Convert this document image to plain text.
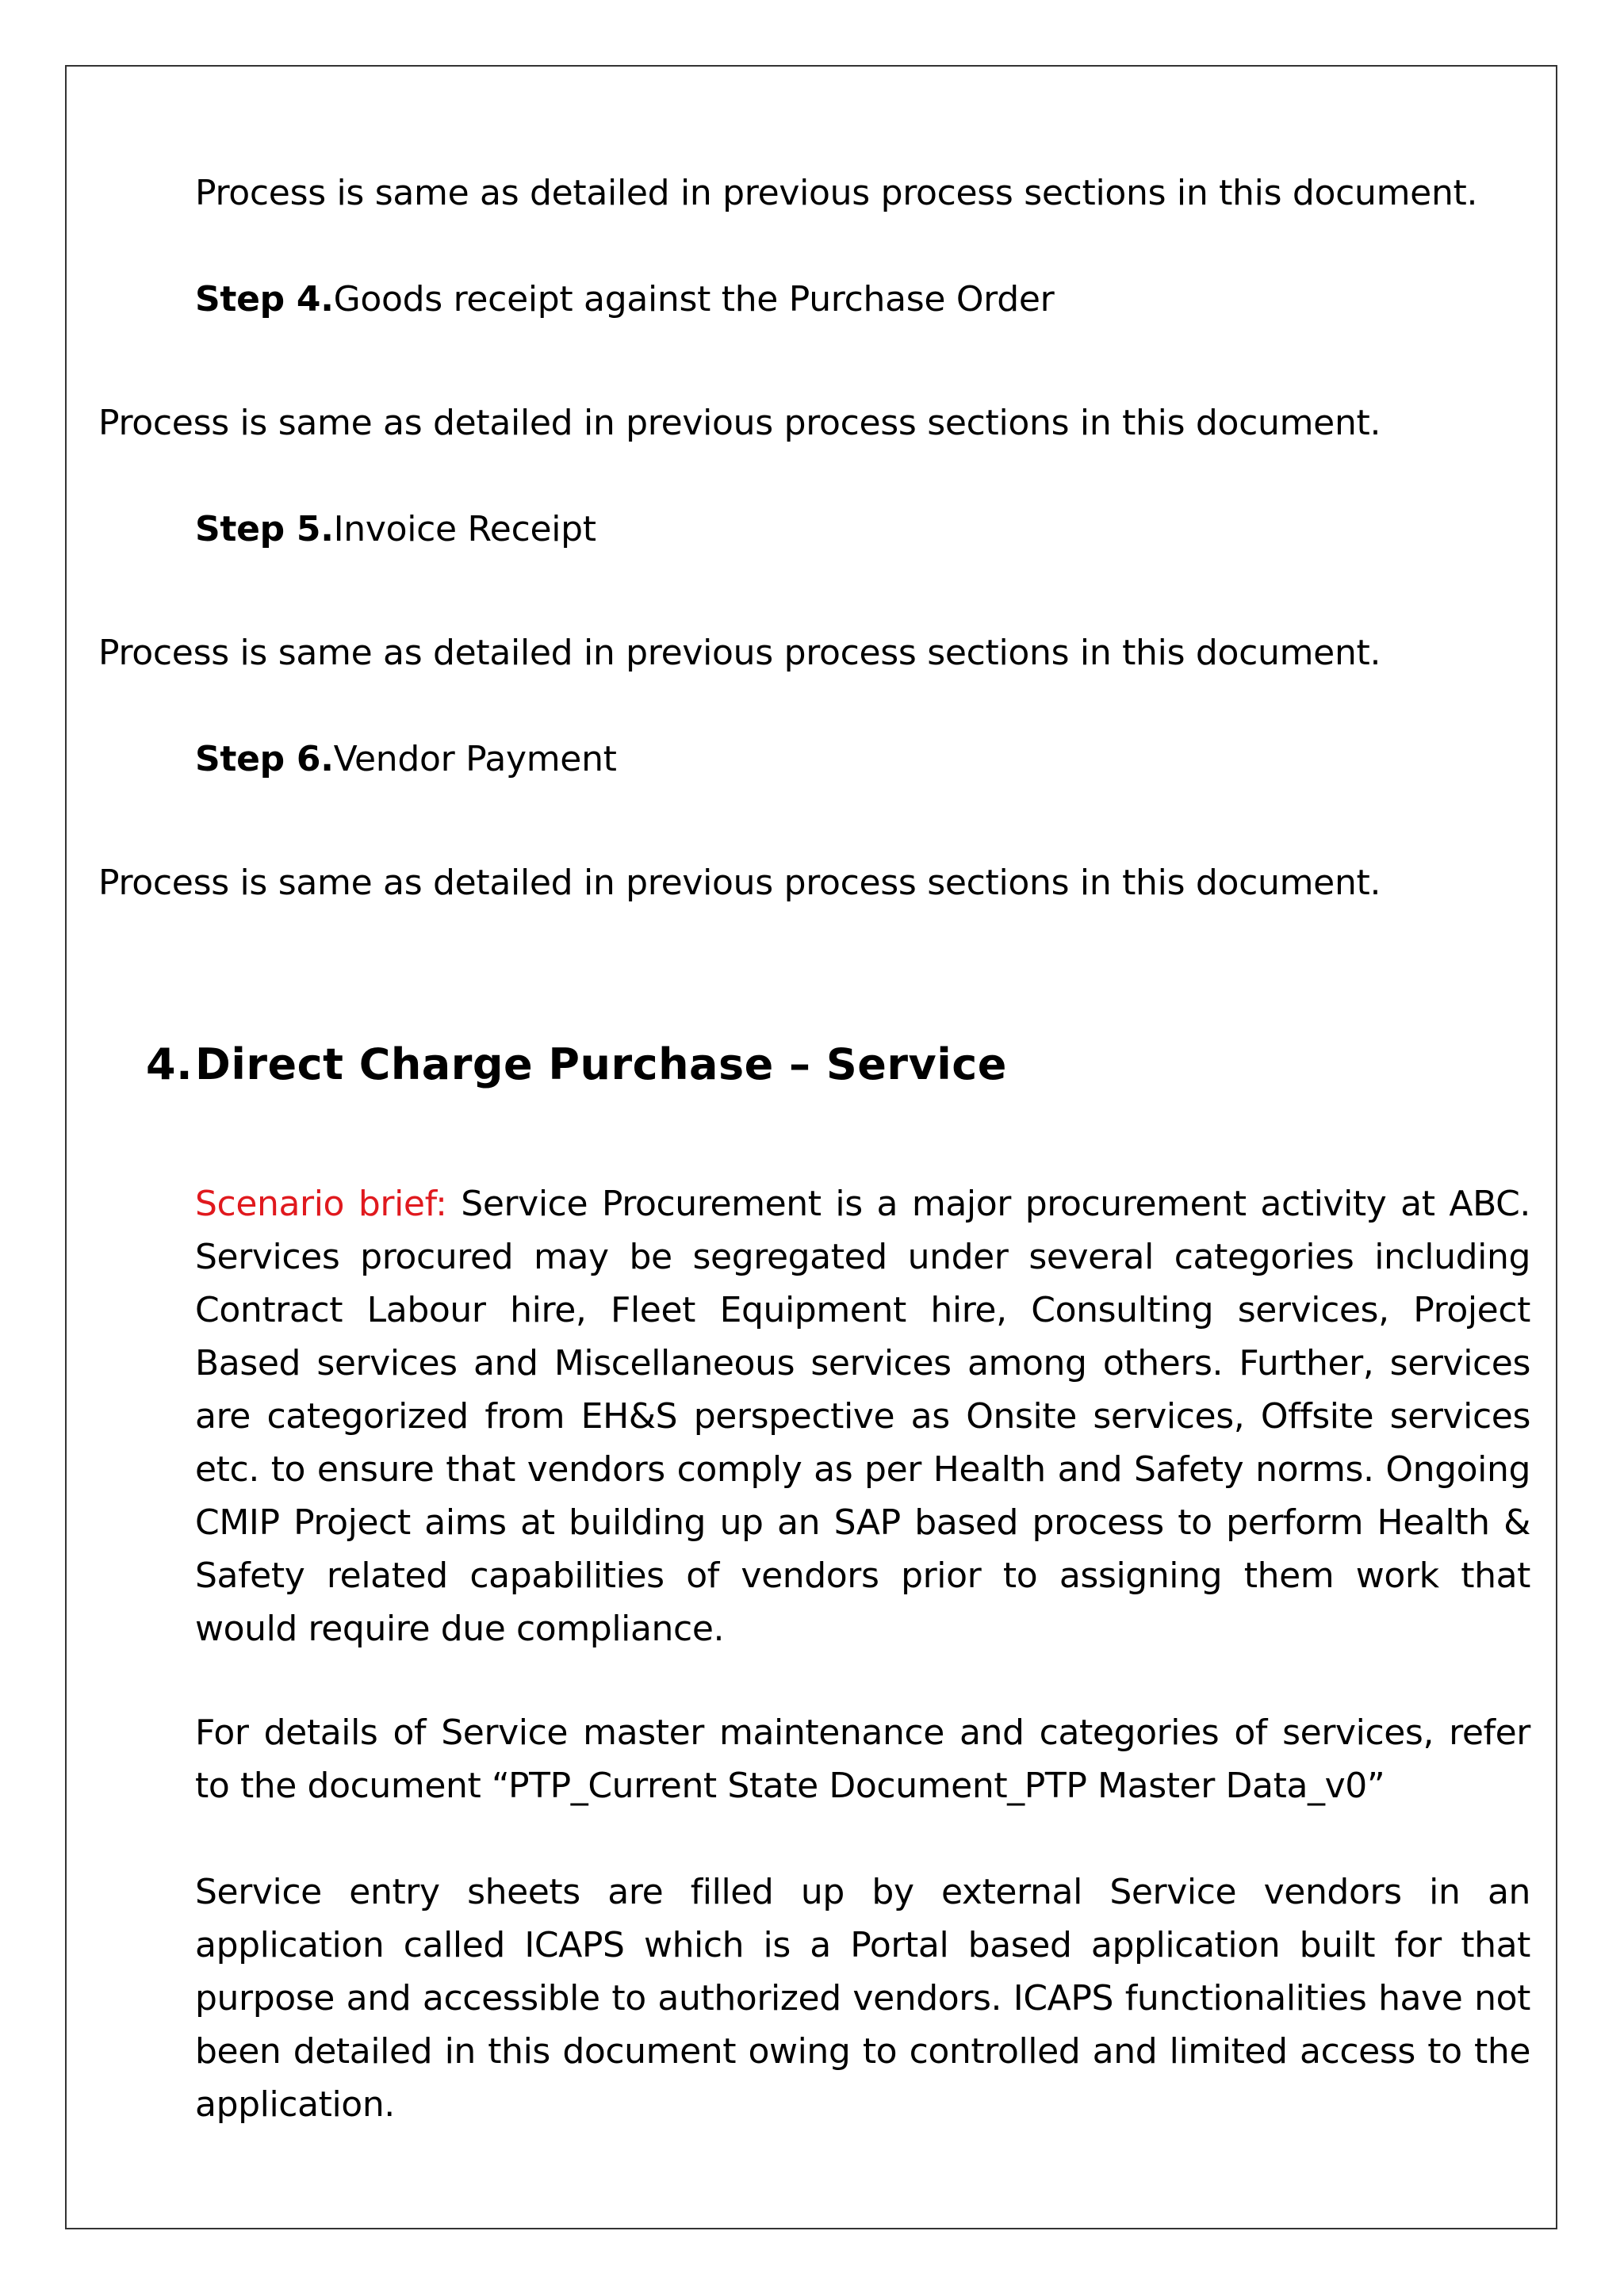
Process is same as detailed in previous process sections in this document.
Step 4.Goods receipt against the Purchase Order
Process is same as detailed in previous process sections in this document.
Step 5.Invoice Receipt
Process is same as detailed in previous process sections in this document.
Step 6.Vendor Payment
Process is same as detailed in previous process sections in this document.
4.Direct Charge Purchase – Service
Scenario brief: Service Procurement is a major procurement activity at ABC. Services procured may be segregated under several categories including Contract Labour hire, Fleet Equipment hire, Consulting services, Project Based services and Miscellaneous services among others. Further, services are categorized from EH&S perspective as Onsite services, Offsite services etc. to ensure that vendors comply as per Health and Safety norms. Ongoing CMIP Project aims at building up an SAP based process to perform Health & Safety related capabilities of vendors prior to assigning them work that would require due compliance.
For details of Service master maintenance and categories of services, refer to the document “PTP_Current State Document_PTP Master Data_v0”
Service entry sheets are filled up by external Service vendors in an application called ICAPS which is a Portal based application built for that purpose and accessible to authorized vendors. ICAPS functionalities have not been detailed in this document owing to controlled and limited access to the application.
